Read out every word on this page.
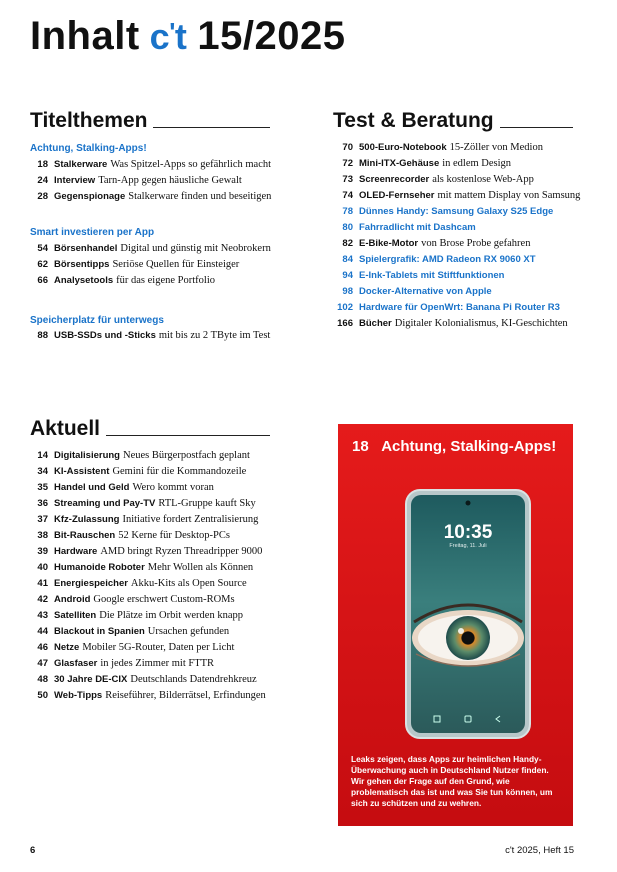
Inhalt c ' t 15/2025
Titelthemen
Achtung, Stalking-Apps!
18 Stalkerware Was Spitzel-Apps so gefährlich macht
24 Interview Tarn-App gegen häusliche Gewalt
28 Gegenspionage Stalkerware finden und beseitigen
Smart investieren per App
54 Börsenhandel Digital und günstig mit Neobrokern
62 Börsentipps Seriöse Quellen für Einsteiger
66 Analysetools für das eigene Portfolio
Speicherplatz für unterwegs
88 USB-SSDs und -Sticks mit bis zu 2 TByte im Test
Test & Beratung
70 500-Euro-Notebook 15-Zöller von Medion
72 Mini-ITX-Gehäuse in edlem Design
73 Screenrecorder als kostenlose Web-App
74 OLED-Fernseher mit mattem Display von Samsung
78 Dünnes Handy: Samsung Galaxy S25 Edge
80 Fahrradlicht mit Dashcam
82 E-Bike-Motor von Brose Probe gefahren
84 Spielergrafik: AMD Radeon RX 9060 XT
94 E-Ink-Tablets mit Stiftfunktionen
98 Docker-Alternative von Apple
102 Hardware für OpenWrt: Banana Pi Router R3
166 Bücher Digitaler Kolonialismus, KI-Geschichten
Aktuell
14 Digitalisierung Neues Bürgerpostfach geplant
34 KI-Assistent Gemini für die Kommandozeile
35 Handel und Geld Wero kommt voran
36 Streaming und Pay-TV RTL-Gruppe kauft Sky
37 Kfz-Zulassung Initiative fordert Zentralisierung
38 Bit-Rauschen 52 Kerne für Desktop-PCs
39 Hardware AMD bringt Ryzen Threadripper 9000
40 Humanoide Roboter Mehr Wollen als Können
41 Energiespeicher Akku-Kits als Open Source
42 Android Google erschwert Custom-ROMs
43 Satelliten Die Plätze im Orbit werden knapp
44 Blackout in Spanien Ursachen gefunden
46 Netze Mobiler 5G-Router, Daten per Licht
47 Glasfaser in jedes Zimmer mit FTTR
48 30 Jahre DE-CIX Deutschlands Datendrehkreuz
50 Web-Tipps Reiseführer, Bilderrätsel, Erfindungen
18 Achtung, Stalking-Apps!
10:35
Freitag, 11. Juli
Leaks zeigen, dass Apps zur heimlichen Handy-Überwachung auch in Deutschland Nutzer finden. Wir gehen der Frage auf den Grund, wie problematisch das ist und was Sie tun können, um sich zu schützen und zu wehren.
6	c't 2025, Heft 15
